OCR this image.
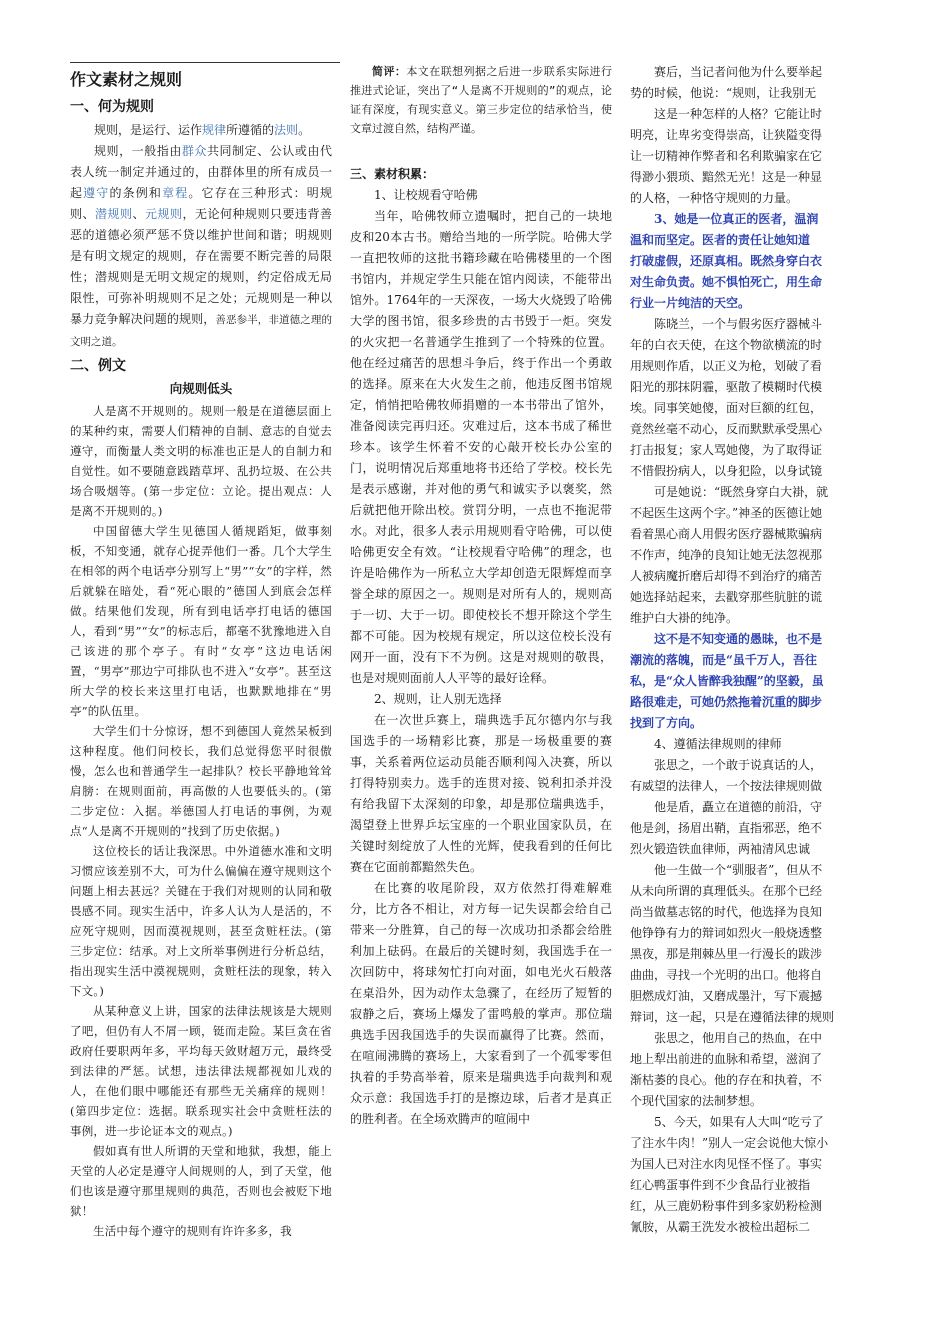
作文素材之规则
一、何为规则

规则，是运行、运作规律所遵循的法则。

规则，一般指由群众共同制定、公认或由代表人统一制定并通过的，由群体里的所有成员一起遵守的条例和章程。它存在三种形式：明规则、潜规则、元规则，无论何种规则只要违背善恶的道德必须严惩不贷以维护世间和谐；明规则是有明文规定的规则，存在需要不断完善的局限性；潜规则是无明文规定的规则，约定俗成无局限性，可弥补明规则不足之处；元规则是一种以暴力竞争解决问题的规则，善恶参半，非道德之理的文明之道。

二、例文
向规则低头

人是离不开规则的。规则一般是在道德层面上的某种约束，需要人们精神的自制、意志的自觉去遵守，而衡量人类文明的标准也正是人的自制力和自觉性。如不要随意践踏草坪、乱扔垃圾、在公共场合吸烟等。(第一步定位：立论。提出观点：人是离不开规则的。)

中国留德大学生见德国人循规蹈矩，做事刻板，不知变通，就存心捉弄他们一番。几个大学生在相邻的两个电话亭分别写上“男”“女”的字样，然后就躲在暗处，看“死心眼的”德国人到底会怎样做。结果他们发现，所有到电话亭打电话的德国人，看到“男”“女”的标志后，都毫不犹豫地进入自己该进的那个亭子。有时“女亭”这边电话闲置，“男亭”那边宁可排队也不进入“女亭”。甚至这所大学的校长来这里打电话，也默默地排在“男亭”的队伍里。

大学生们十分惊讶，想不到德国人竟然呆板到这种程度。他们问校长，我们总觉得您平时很傲慢，怎么也和普通学生一起排队？校长平静地耸耸肩膀：在规则面前，再高傲的人也要低头的。(第二步定位：入据。举德国人打电话的事例，为观点“人是离不开规则的”找到了历史依据。)

这位校长的话让我深思。中外道德水准和文明习惯应该差别不大，可为什么偏偏在遵守规则这个问题上相去甚远？关键在于我们对规则的认同和敬畏感不同。现实生活中，许多人认为人是活的，不应死守规则，因而漠视规则，甚至贪赃枉法。(第三步定位：结承。对上文所举事例进行分析总结，指出现实生活中漠视规则，贪赃枉法的现象，转入下文。)

从某种意义上讲，国家的法律法规该是大规则了吧，但仍有人不屑一顾，铤而走险。某巨贪在省政府任要职两年多，平均每天敛财超万元，最终受到法律的严惩。试想，违法律法规都视如儿戏的人，在他们眼中哪能还有那些无关痛痒的规则！(第四步定位：选据。联系现实社会中贪赃枉法的事例，进一步论证本文的观点。)

假如真有世人所谓的天堂和地狱，我想，能上天堂的人必定是遵守人间规则的人，到了天堂，他们也该是遵守那里规则的典范，否则也会被贬下地狱！

生活中每个遵守的规则有许许多多，我

简评：本文在联想列据之后进一步联系实际进行推进式论证，突出了“人是离不开规则的”的观点，论证有深度，有现实意义。第三步定位的结承恰当，使文章过渡自然，结构严谨。

三、素材积累：

1、让校规看守哈佛

当年，哈佛牧师立遗嘱时，把自己的一块地皮和20本古书。赠给当地的一所学院。哈佛大学一直把牧师的这批书籍珍藏在哈佛楼里的一个图书馆内，并规定学生只能在馆内阅读，不能带出馆外。1764年的一天深夜，一场大火烧毁了哈佛大学的图书馆，很多珍贵的古书毁于一炬。突发的火灾把一名普通学生推到了一个特殊的位置。他在经过痛苦的思想斗争后，终于作出一个勇敢的选择。原来在大火发生之前，他违反图书馆规定，悄悄把哈佛牧师捐赠的一本书带出了馆外，准备阅读完再归还。灾难过后，这本书成了稀世珍本。该学生怀着不安的心敲开校长办公室的门，说明情况后郑重地将书还给了学校。校长先是表示感谢，并对他的勇气和诚实予以褒奖，然后就把他开除出校。赏罚分明，一点也不拖泥带水。对此，很多人表示用规则看守哈佛，可以使哈佛更安全有效。“让校规看守哈佛”的理念，也许是哈佛作为一所私立大学却创造无限辉煌而享誉全球的原因之一。规则是对所有人的，规则高于一切、大于一切。即使校长不想开除这个学生都不可能。因为校规有规定，所以这位校长没有网开一面，没有下不为例。这是对规则的敬畏，也是对规则面前人人平等的最好诠释。

2、规则，让人别无选择

在一次世乒赛上，瑞典选手瓦尔德内尔与我国选手的一场精彩比赛，那是一场极重要的赛事，关系着两位运动员能否顺利闯入决赛，所以打得特别卖力。选手的连贯对接、锐利扣杀并没有给我留下太深刻的印象，却是那位瑞典选手，渴望登上世界乒坛宝座的一个职业国家队员，在关键时刻绽放了人性的光辉，使我看到的任何比赛在它面前都黯然失色。

在比赛的收尾阶段，双方依然打得难解难分，比方各不相让，对方每一记失误都会给自己带来一分胜算，自己的每一次成功扣杀都会给胜利加上砝码。在最后的关键时刻，我国选手在一次回防中，将球匆忙打向对面，如电光火石般落在桌沿外，因为动作太急骤了，在经历了短暂的寂静之后，赛场上爆发了雷鸣般的掌声。那位瑞典选手因我国选手的失误而赢得了比赛。然而，在喧闹沸腾的赛场上，大家看到了一个孤零零但执着的手势高举着，原来是瑞典选手向裁判和观众示意：我国选手打的是擦边球，后者才是真正的胜利者。在全场欢腾声的喧闹中

赛后，当记者问他为什么要举起

势的时候，他说：“规则，让我别无

这是一种怎样的人格？它能让时

明亮，让卑劣变得崇高，让狭隘变得

让一切精神作弊者和名利欺骗家在它

得渺小猥琐、黯然无光！这是一种显

的人格，一种恪守规则的力量。

3、她是一位真正的医者，温润

温和而坚定。医者的责任让她知道

打破虚假，还原真相。既然身穿白衣

对生命负责。她不惧怕死亡，用生命

行业一片纯洁的天空。

陈晓兰，一个与假劣医疗器械斗

年的白衣天使，在这个物欲横流的时

用规则作盾，以正义为枪，划破了看

阳光的那抹阴霾，驱散了模糊时代模

埃。同事笑她傻，面对巨额的红包，

竟然丝毫不动心，反而默默承受黑心

打击报复；家人骂她傻，为了取得证

不惜假扮病人，以身犯险，以身试镜

可是她说：“既然身穿白大褂，就

不起医生这两个字。”神圣的医德让她

看着黑心商人用假劣医疗器械欺骗病

不作声，纯净的良知让她无法忽视那

人被病魔折磨后却得不到治疗的痛苦

她选择站起来，去戳穿那些肮脏的谎

维护白大褂的纯净。

这不是不知变通的愚昧，也不是

潮流的落魄，而是“虽千万人，吾往

私，是“众人皆醉我独醒”的坚毅，虽

路很难走，可她仍然拖着沉重的脚步

找到了方向。

4、遵循法律规则的律师

张思之，一个敢于说真话的人，

有威望的法律人，一个按法律规则做

他是盾，矗立在道德的前沿，守

他是剑，扬眉出鞘，直指邪恶，绝不

烈火锻造铁血律师，两袖清风忠诚

他一生做一个“驯服者”，但从不

从未向所谓的真理低头。在那个已经

尚当做墓志铭的时代，他选择为良知

他铮铮有力的辩词如烈火一般烧透整

黑夜，那是荆棘丛里一行漫长的跋涉

曲曲，寻找一个光明的出口。他将自

胆燃成灯油，又磨成墨汁，写下震撼

辩词，这一起，只是在遵循法律的规则

张思之，他用自己的热血，在中

地上犁出前进的血脉和希望，滋润了

渐枯萎的良心。他的存在和执着，不

个现代国家的法制梦想。

5、今天，如果有人大叫“吃亏了

了注水牛肉！”别人一定会说他大惊小

为国人已对注水肉见怪不怪了。事实

红心鸭蛋事件到不少食品行业被指

红，从三鹿奶粉事件到多家奶粉检测

氰胺，从霸王洗发水被检出超标二
